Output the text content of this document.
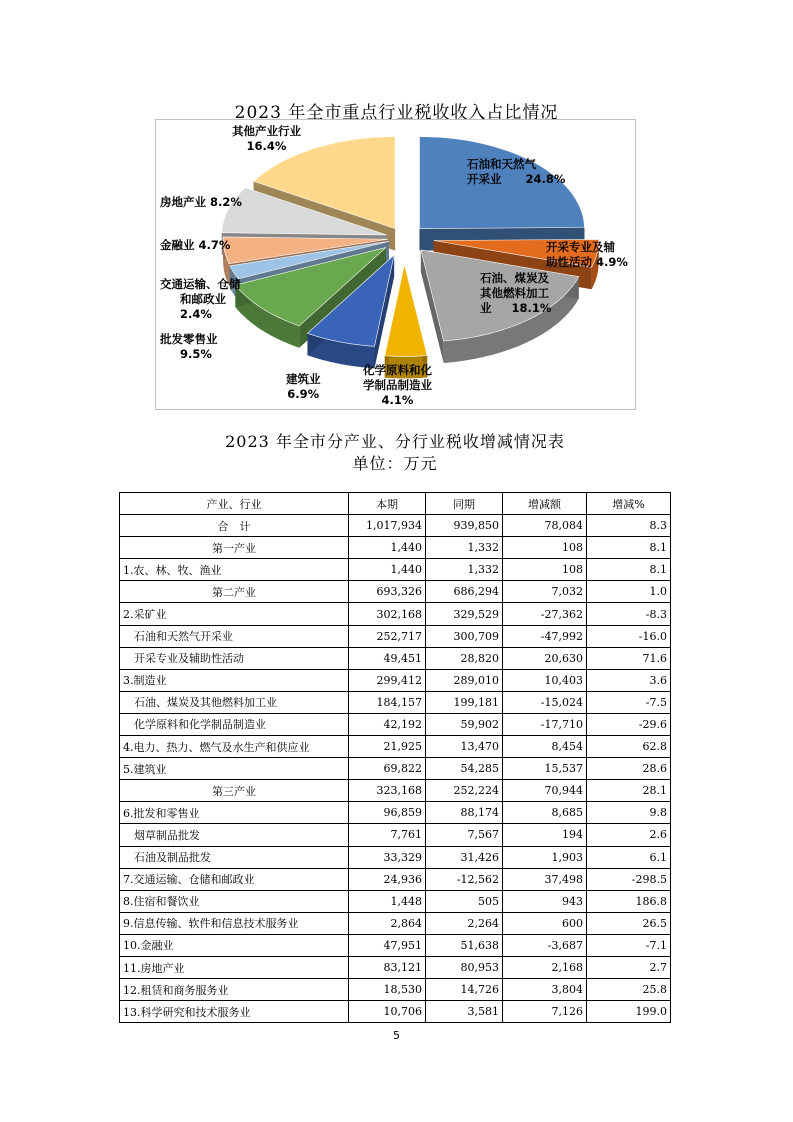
2023 年全市重点行业税收收入占比情况
石油和天然气
开采业 24.8%
开采专业及辅
助性活动 4.9%
石油、煤炭及
其他燃料加工
业 18.1%
化学原料和化
学制品制造业
4.1%
建筑业
6.9%
批发零售业
9.5%
交通运输、仓储
和邮政业
2.4%
金融业 4.7%
房地产业 8.2%
其他产业行业
16.4%
2023 年全市分产业、分行业税收增减情况表
单位：万元
产业、行业	本期	同期	增减额	增减%
合　计	1,017,934	939,850	78,084	8.3
第一产业	1,440	1,332	108	8.1
1.农、林、牧、渔业	1,440	1,332	108	8.1
第二产业	693,326	686,294	7,032	1.0
2.采矿业	302,168	329,529	-27,362	-8.3
石油和天然气开采业	252,717	300,709	-47,992	-16.0
开采专业及辅助性活动	49,451	28,820	20,630	71.6
3.制造业	299,412	289,010	10,403	3.6
石油、煤炭及其他燃料加工业	184,157	199,181	-15,024	-7.5
化学原料和化学制品制造业	42,192	59,902	-17,710	-29.6
4.电力、热力、燃气及水生产和供应业	21,925	13,470	8,454	62.8
5.建筑业	69,822	54,285	15,537	28.6
第三产业	323,168	252,224	70,944	28.1
6.批发和零售业	96,859	88,174	8,685	9.8
烟草制品批发	7,761	7,567	194	2.6
石油及制品批发	33,329	31,426	1,903	6.1
7.交通运输、仓储和邮政业	24,936	-12,562	37,498	-298.5
8.住宿和餐饮业	1,448	505	943	186.8
9.信息传输、软件和信息技术服务业	2,864	2,264	600	26.5
10.金融业	47,951	51,638	-3,687	-7.1
11.房地产业	83,121	80,953	2,168	2.7
12.租赁和商务服务业	18,530	14,726	3,804	25.8
13.科学研究和技术服务业	10,706	3,581	7,126	199.0
5
